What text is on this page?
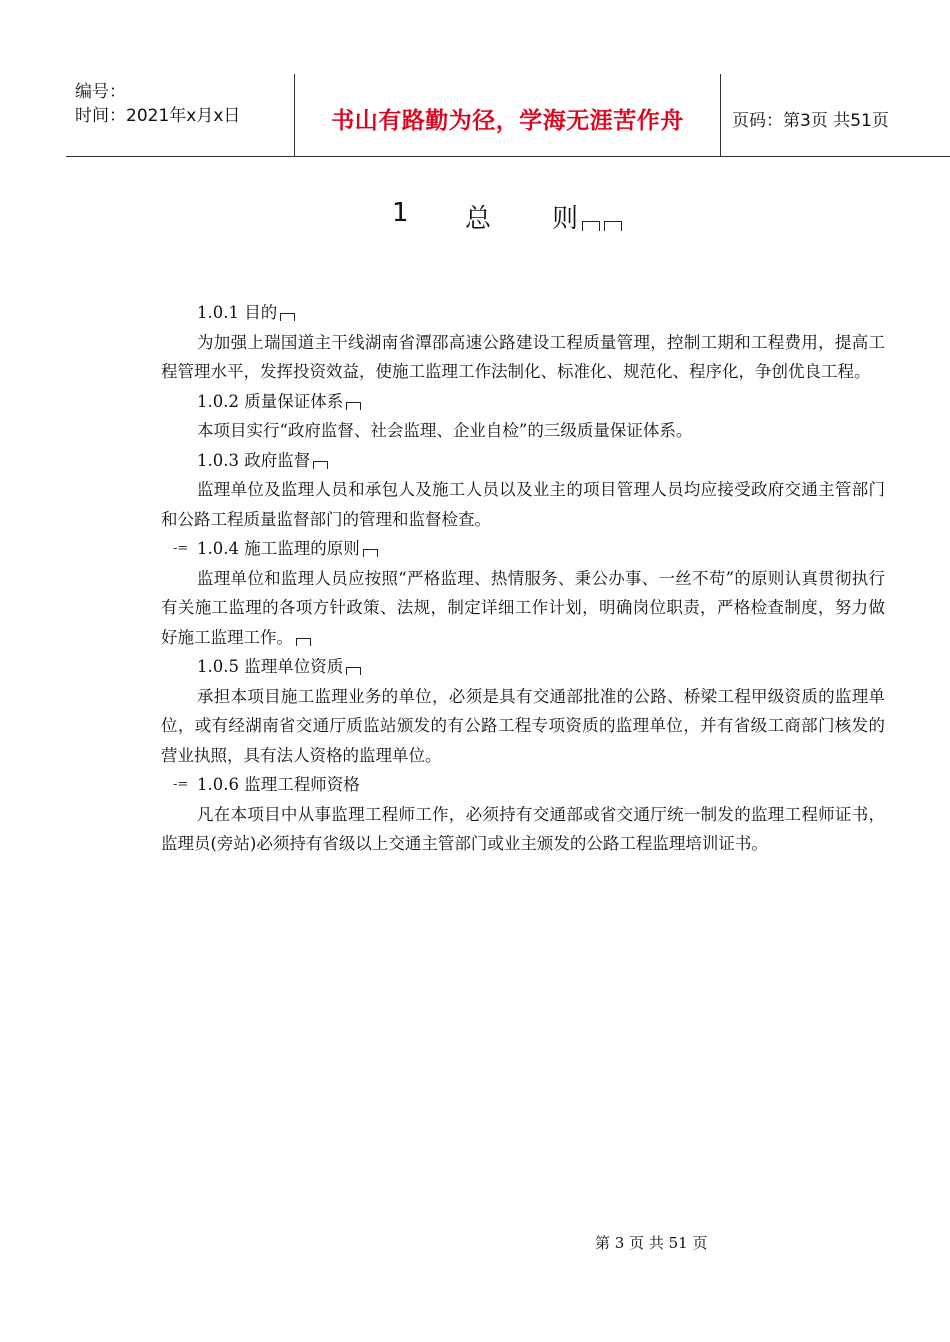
编号：
时间：2021年x月x日	书山有路勤为径，学海无涯苦作舟	页码：第3页 共51页
1 总 则

1.0.1 目的

为加强上瑞国道主干线湖南省潭邵高速公路建设工程质量管理，控制工期和工程费用，提高工程管理水平，发挥投资效益，使施工监理工作法制化、标准化、规范化、程序化，争创优良工程。

1.0.2 质量保证体系

本项目实行“政府监督、社会监理、企业自检”的三级质量保证体系。

1.0.3 政府监督

监理单位及监理人员和承包人及施工人员以及业主的项目管理人员均应接受政府交通主管部门和公路工程质量监督部门的管理和监督检查。

-= 1.0.4 施工监理的原则

监理单位和监理人员应按照“严格监理、热情服务、秉公办事、一丝不苟”的原则认真贯彻执行有关施工监理的各项方针政策、法规，制定详细工作计划，明确岗位职责，严格检查制度，努力做好施工监理工作。

1.0.5 监理单位资质

承担本项目施工监理业务的单位，必须是具有交通部批准的公路、桥梁工程甲级资质的监理单位，或有经湖南省交通厅质监站颁发的有公路工程专项资质的监理单位，并有省级工商部门核发的营业执照，具有法人资格的监理单位。

-= 1.0.6 监理工程师资格

凡在本项目中从事监理工程师工作，必须持有交通部或省交通厅统一制发的监理工程师证书，监理员(旁站)必须持有省级以上交通主管部门或业主颁发的公路工程监理培训证书。

第 3 页 共 51 页
